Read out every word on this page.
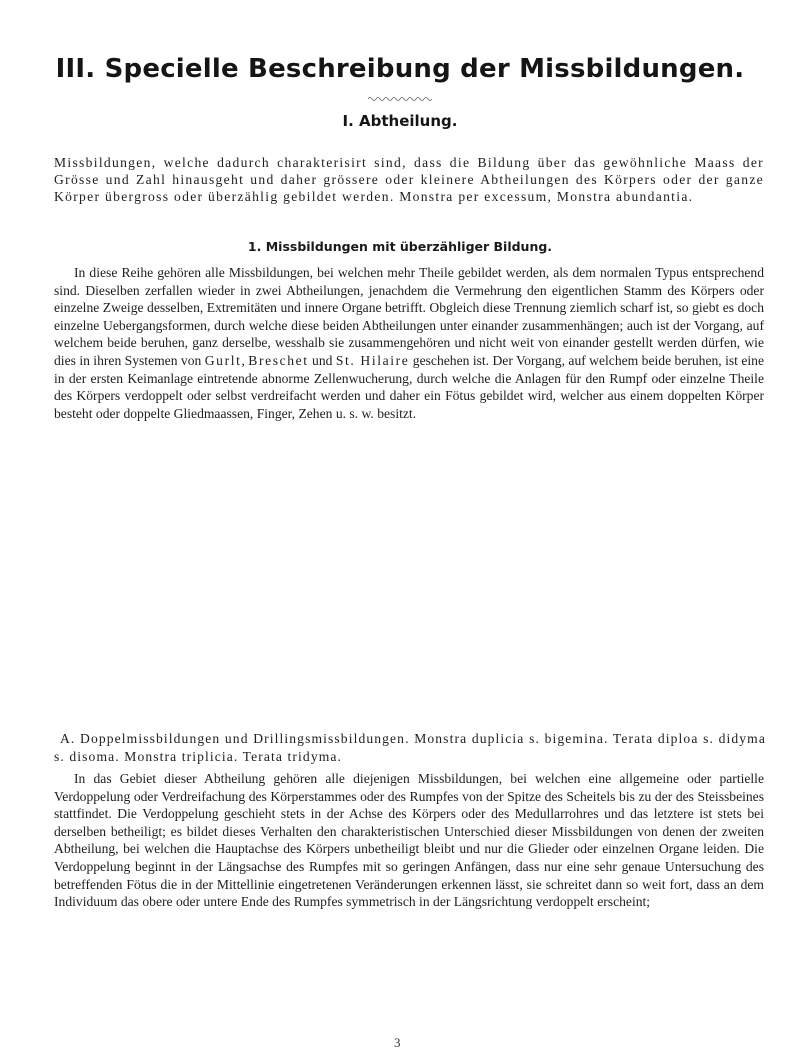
III. Specielle Beschreibung der Missbildungen.
I. Abtheilung.
Missbildungen, welche dadurch charakterisirt sind, dass die Bildung über das gewöhnliche Maass der Grösse und Zahl hinausgeht und daher grössere oder kleinere Abtheilungen des Körpers oder der ganze Körper übergross oder überzählig gebildet werden. Monstra per excessum, Monstra abundantia.
1. Missbildungen mit überzähliger Bildung.
In diese Reihe gehören alle Missbildungen, bei welchen mehr Theile gebildet werden, als dem normalen Typus entsprechend sind. Dieselben zerfallen wieder in zwei Abtheilungen, jenachdem die Vermehrung den eigentlichen Stamm des Körpers oder einzelne Zweige desselben, Extremitäten und innere Organe betrifft. Obgleich diese Trennung ziemlich scharf ist, so giebt es doch einzelne Uebergangsformen, durch welche diese beiden Abtheilungen unter einander zusammenhängen; auch ist der Vorgang, auf welchem beide beruhen, ganz derselbe, wesshalb sie zusammengehören und nicht weit von einander gestellt werden dürfen, wie dies in ihren Systemen von Gurlt, Breschet und St. Hilaire geschehen ist. Der Vorgang, auf welchem beide beruhen, ist eine in der ersten Keimanlage eintretende abnorme Zellenwucherung, durch welche die Anlagen für den Rumpf oder einzelne Theile des Körpers verdoppelt oder selbst verdreifacht werden und daher ein Fötus gebildet wird, welcher aus einem doppelten Körper besteht oder doppelte Gliedmaassen, Finger, Zehen u. s. w. besitzt.
A. Doppelmissbildungen und Drillingsmissbildungen. Monstra duplicia s. bigemina. Terata diploa s. didyma s. disoma. Monstra triplicia. Terata tridyma.
In das Gebiet dieser Abtheilung gehören alle diejenigen Missbildungen, bei welchen eine allgemeine oder partielle Verdoppelung oder Verdreifachung des Körperstammes oder des Rumpfes von der Spitze des Scheitels bis zu der des Steissbeines stattfindet. Die Verdoppelung geschieht stets in der Achse des Körpers oder des Medullarrohres und das letztere ist stets bei derselben betheiligt; es bildet dieses Verhalten den charakteristischen Unterschied dieser Missbildungen von denen der zweiten Abtheilung, bei welchen die Hauptachse des Körpers unbetheiligt bleibt und nur die Glieder oder einzelnen Organe leiden. Die Verdoppelung beginnt in der Längsachse des Rumpfes mit so geringen Anfängen, dass nur eine sehr genaue Untersuchung des betreffenden Fötus die in der Mittellinie eingetretenen Veränderungen erkennen lässt, sie schreitet dann so weit fort, dass an dem Individuum das obere oder untere Ende des Rumpfes symmetrisch in der Längsrichtung verdoppelt erscheint;
3
